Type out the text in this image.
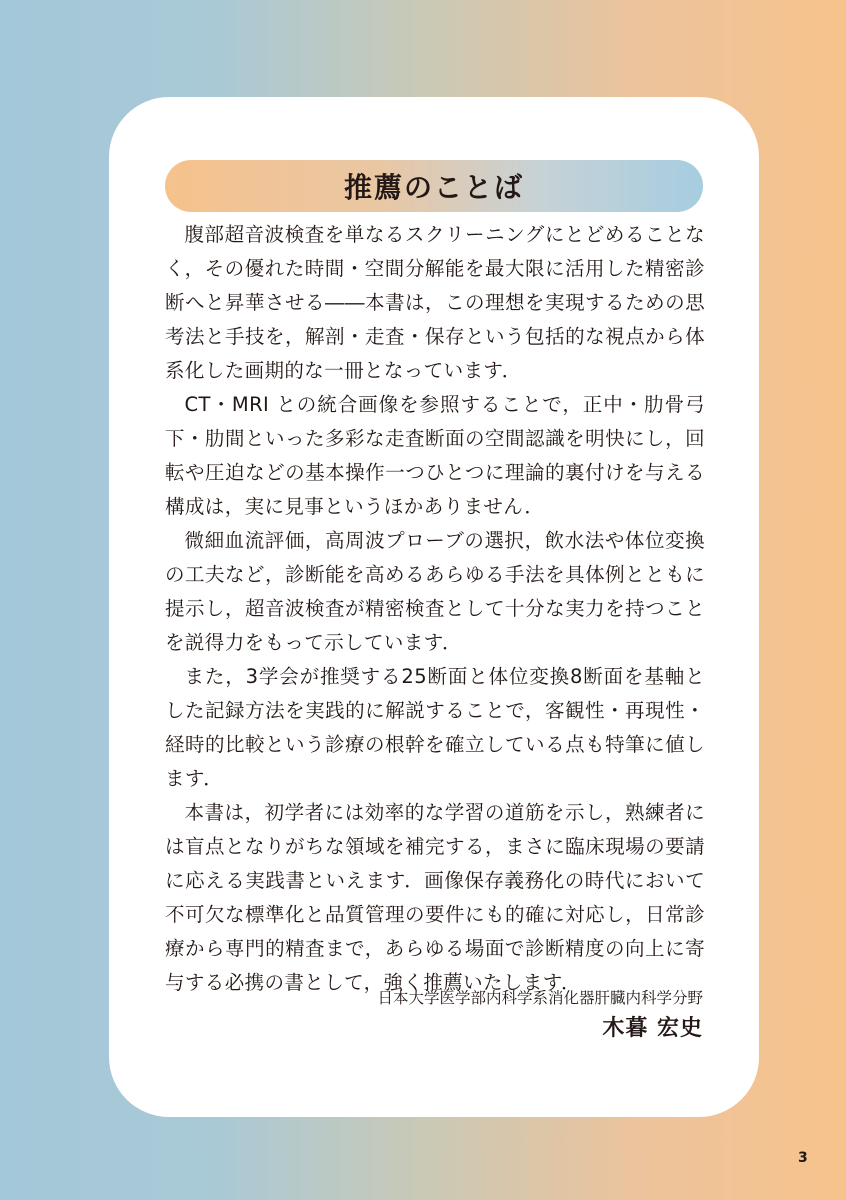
推薦のことば

腹部超音波検査を単なるスクリーニングにとどめることなく，その優れた時間・空間分解能を最大限に活用した精密診断へと昇華させる――本書は，この理想を実現するための思考法と手技を，解剖・走査・保存という包括的な視点から体系化した画期的な一冊となっています．

CT・MRI との統合画像を参照することで，正中・肋骨弓下・肋間といった多彩な走査断面の空間認識を明快にし，回転や圧迫などの基本操作一つひとつに理論的裏付けを与える構成は，実に見事というほかありません．

微細血流評価，高周波プローブの選択，飲水法や体位変換の工夫など，診断能を高めるあらゆる手法を具体例とともに提示し，超音波検査が精密検査として十分な実力を持つことを説得力をもって示しています．

また，3学会が推奨する25断面と体位変換8断面を基軸とした記録方法を実践的に解説することで，客観性・再現性・経時的比較という診療の根幹を確立している点も特筆に値します．

本書は，初学者には効率的な学習の道筋を示し，熟練者には盲点となりがちな領域を補完する，まさに臨床現場の要請に応える実践書といえます．画像保存義務化の時代において不可欠な標準化と品質管理の要件にも的確に対応し，日常診療から専門的精査まで，あらゆる場面で診断精度の向上に寄与する必携の書として，強く推薦いたします．

日本大学医学部内科学系消化器肝臓内科学分野
木暮 宏史
3
